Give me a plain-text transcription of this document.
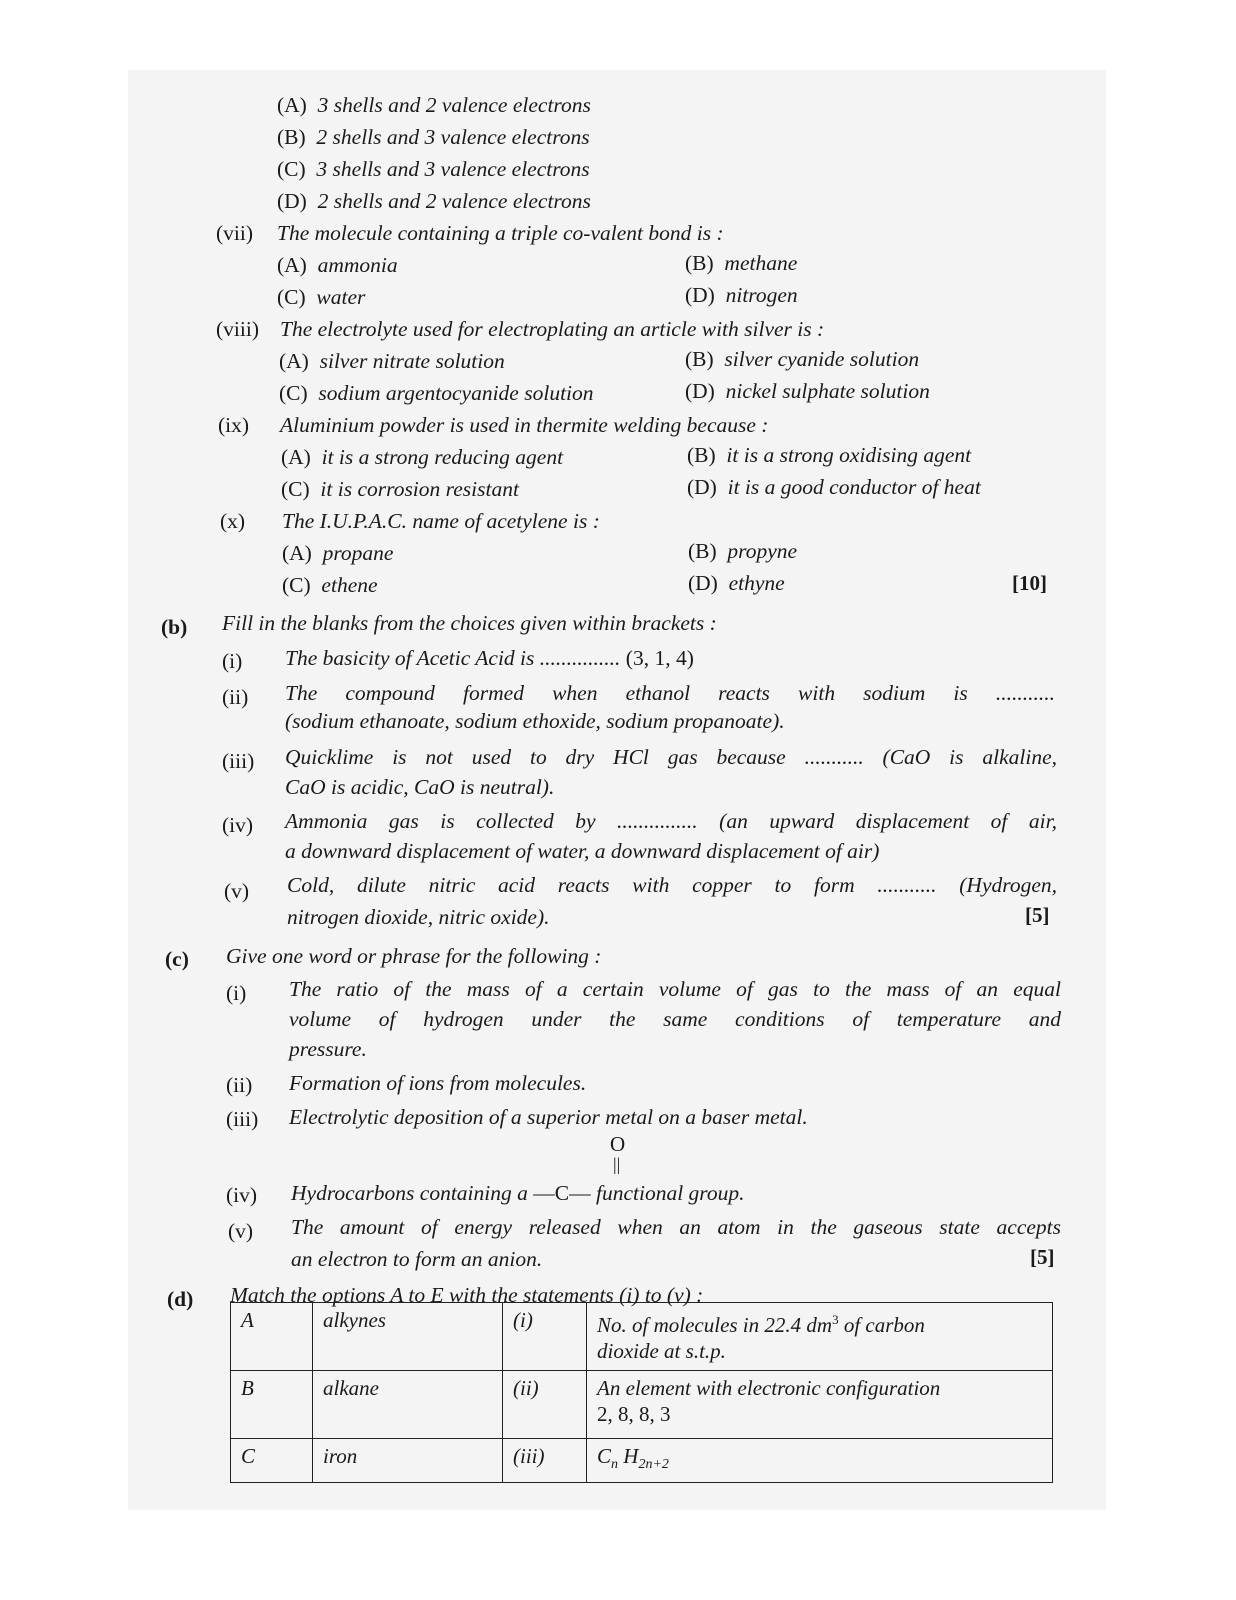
(A) 3 shells and 2 valence electrons
(B) 2 shells and 3 valence electrons
(C) 3 shells and 3 valence electrons
(D) 2 shells and 2 valence electrons
(vii) The molecule containing a triple co-valent bond is :
(A) ammonia	(B) methane
(C) water	(D) nitrogen
(viii) The electrolyte used for electroplating an article with silver is :
(A) silver nitrate solution	(B) silver cyanide solution
(C) sodium argentocyanide solution	(D) nickel sulphate solution
(ix) Aluminium powder is used in thermite welding because :
(A) it is a strong reducing agent	(B) it is a strong oxidising agent
(C) it is corrosion resistant	(D) it is a good conductor of heat
(x) The I.U.P.A.C. name of acetylene is :
(A) propane	(B) propyne
(C) ethene	(D) ethyne	[10]
(b) Fill in the blanks from the choices given within brackets :
(i) The basicity of Acetic Acid is ............... (3, 1, 4)
(ii) The compound formed when ethanol reacts with sodium is ...........
(sodium ethanoate, sodium ethoxide, sodium propanoate).
(iii) Quicklime is not used to dry HCl gas because ........... (CaO is alkaline,
CaO is acidic, CaO is neutral).
(iv) Ammonia gas is collected by ............... (an upward displacement of air,
a downward displacement of water, a downward displacement of air)
(v) Cold, dilute nitric acid reacts with copper to form ........... (Hydrogen,
nitrogen dioxide, nitric oxide).	[5]
(c) Give one word or phrase for the following :
(i) The ratio of the mass of a certain volume of gas to the mass of an equal
volume of hydrogen under the same conditions of temperature and
pressure.
(ii) Formation of ions from molecules.
(iii) Electrolytic deposition of a superior metal on a baser metal.
(iv)
O
||
Hydrocarbons containing a —C— functional group.
(v) The amount of energy released when an atom in the gaseous state accepts
an electron to form an anion.	[5]
(d) Match the options A to E with the statements (i) to (v) :
A	alkynes	(i)	No. of molecules in 22.4 $dm^3$ of carbon
dioxide at s.t.p.
B	alkane	(ii)	An element with electronic configuration
2, 8, 8, 3
C	iron	(iii)	$C_n$ $H_{2n+2}$
